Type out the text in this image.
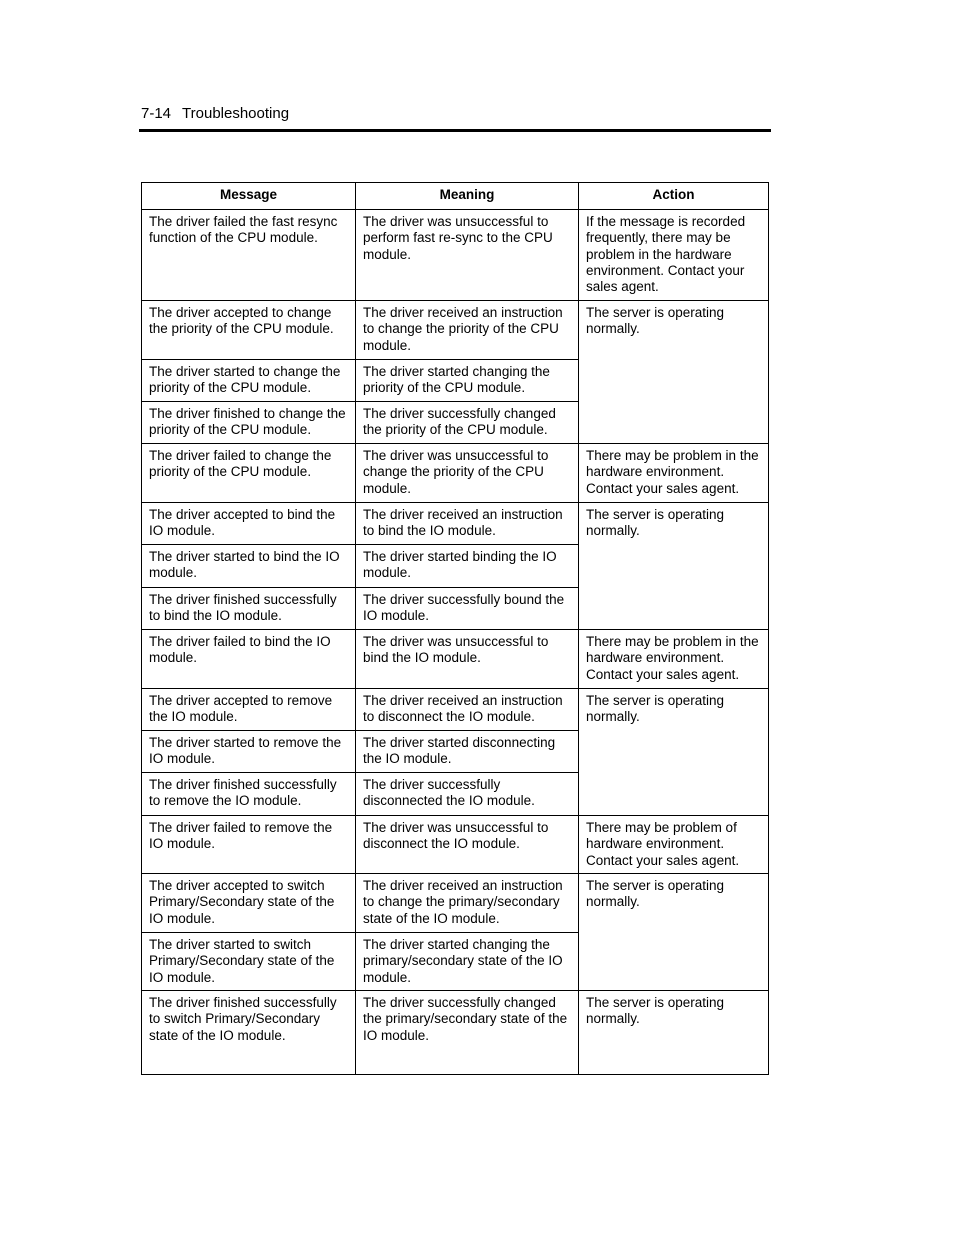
7-14 Troubleshooting
Message	Meaning	Action
The driver failed the fast resync function of the CPU module.	The driver was unsuccessful to perform fast re-sync to the CPU module.	If the message is recorded frequently, there may be problem in the hardware environment. Contact your sales agent.
The driver accepted to change the priority of the CPU module.	The driver received an instruction to change the priority of the CPU module.	The server is operating normally.
The driver started to change the priority of the CPU module.	The driver started changing the priority of the CPU module.	
The driver finished to change the priority of the CPU module.	The driver successfully changed the priority of the CPU module.	
The driver failed to change the priority of the CPU module.	The driver was unsuccessful to change the priority of the CPU module.	There may be problem in the hardware environment. Contact your sales agent.
The driver accepted to bind the IO module.	The driver received an instruction to bind the IO module.	The server is operating normally.
The driver started to bind the IO module.	The driver started binding the IO module.	
The driver finished successfully to bind the IO module.	The driver successfully bound the IO module.	
The driver failed to bind the IO module.	The driver was unsuccessful to bind the IO module.	There may be problem in the hardware environment. Contact your sales agent.
The driver accepted to remove the IO module.	The driver received an instruction to disconnect the IO module.	The server is operating normally.
The driver started to remove the IO module.	The driver started disconnecting the IO module.	
The driver finished successfully to remove the IO module.	The driver successfully disconnected the IO module.	
The driver failed to remove the IO module.	The driver was unsuccessful to disconnect the IO module.	There may be problem of hardware environment. Contact your sales agent.
The driver accepted to switch Primary/Secondary state of the IO module.	The driver received an instruction to change the primary/secondary state of the IO module.	The server is operating normally.
The driver started to switch Primary/Secondary state of the IO module.	The driver started changing the primary/secondary state of the IO module.	
The driver finished successfully to switch Primary/Secondary state of the IO module.	The driver successfully changed the primary/secondary state of the IO module.	The server is operating normally.
